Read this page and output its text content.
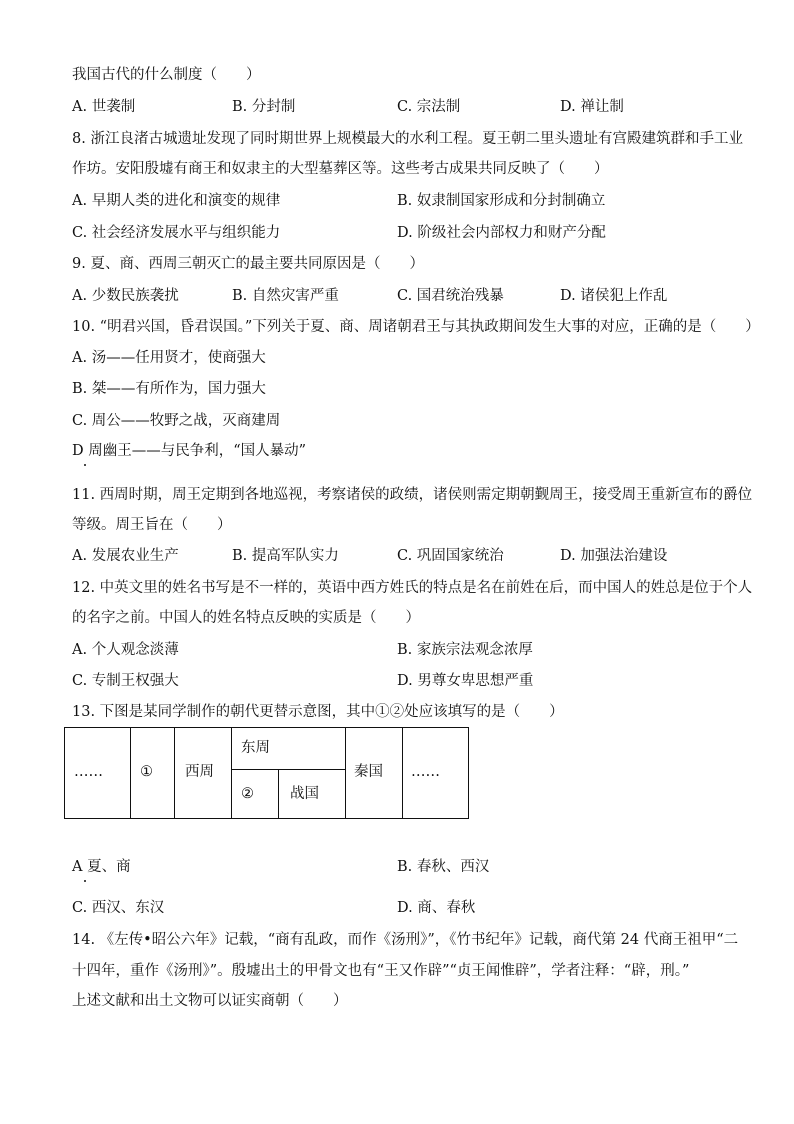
我国古代的什么制度（　　）
A. 世袭制	B. 分封制	C. 宗法制	D. 禅让制
8. 浙江良渚古城遗址发现了同时期世界上规模最大的水利工程。夏王朝二里头遗址有宫殿建筑群和手工业
作坊。安阳殷墟有商王和奴隶主的大型墓葬区等。这些考古成果共同反映了（　　）
A. 早期人类的进化和演变的规律	B. 奴隶制国家形成和分封制确立
C. 社会经济发展水平与组织能力	D. 阶级社会内部权力和财产分配
9. 夏、商、西周三朝灭亡的最主要共同原因是（　　）
A. 少数民族袭扰	B. 自然灾害严重	C. 国君统治残暴	D. 诸侯犯上作乱
10. “明君兴国，昏君误国。”下列关于夏、商、周诸朝君王与其执政期间发生大事的对应，正确的是（　　）
A. 汤——任用贤才，使商强大
B. 桀——有所作为，国力强大
C. 周公——牧野之战，灭商建周
D 周幽王——与民争利，“国人暴动”
11. 西周时期，周王定期到各地巡视，考察诸侯的政绩，诸侯则需定期朝觐周王，接受周王重新宣布的爵位
等级。周王旨在（　　）
A. 发展农业生产	B. 提高军队实力	C. 巩固国家统治	D. 加强法治建设
12. 中英文里的姓名书写是不一样的，英语中西方姓氏的特点是名在前姓在后，而中国人的姓总是位于个人
的名字之前。中国人的姓名特点反映的实质是（　　）
A. 个人观念淡薄	B. 家族宗法观念浓厚
C. 专制王权强大	D. 男尊女卑思想严重
13. 下图是某同学制作的朝代更替示意图，其中①②处应该填写的是（　　）
……	① 西周
东周
② 战国
秦国 ……
A 夏、商	B. 春秋、西汉
C. 西汉、东汉	D. 商、春秋
14. 《左传•昭公六年》记载，“商有乱政，而作《汤刑》”，《竹书纪年》记载，商代第 24 代商王祖甲“二
十四年，重作《汤刑》”。殷墟出土的甲骨文也有“王又作辟”“贞王闻惟辟”，学者注释：“辟，刑。”
上述文献和出土文物可以证实商朝（　　）
